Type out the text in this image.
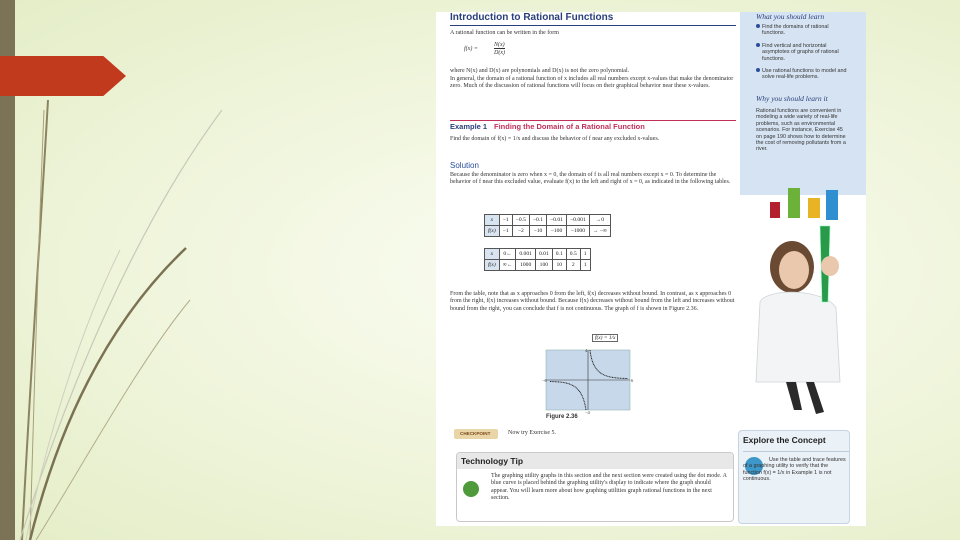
Introduction to Rational Functions
A rational function can be written in the form
f(x) =
N(x)
D(x)
where N(x) and D(x) are polynomials and D(x) is not the zero polynomial.
In general, the domain of a rational function of x includes all real numbers except x-values that make the denominator zero. Much of the discussion of rational functions will focus on their graphical behavior near these x-values.
Example 1 Finding the Domain of a Rational Function
Find the domain of f(x) = 1/x and discuss the behavior of f near any excluded x-values.
Solution
Because the denominator is zero when x = 0, the domain of f is all real numbers except x = 0. To determine the behavior of f near this excluded value, evaluate f(x) to the left and right of x = 0, as indicated in the following tables.
x	−1	−0.5	−0.1	−0.01	−0.001	→0
f(x)	−1	−2	−10	−100	−1000	→ −∞
x	0←	0.001	0.01	0.1	0.5	1
f(x)	∞←	1000	100	10	2	1
From the table, note that as x approaches 0 from the left, f(x) decreases without bound. In contrast, as x approaches 0 from the right, f(x) increases without bound. Because f(x) decreases without bound from the left and increases without bound from the right, you can conclude that f is not continuous. The graph of f is shown in Figure 2.36.
−6	6
4
−4
f(x) = 1/x
Figure 2.36
CHECKPOINT	Now try Exercise 5.
Technology Tip
The graphing utility graphs in this section and the next section were created using the dot mode. A blue curve is placed behind the graphing utility's display to indicate where the graph should appear. You will learn more about how graphing utilities graph rational functions in the next section.
What you should learn
Find the domains of rational functions.
Find vertical and horizontal asymptotes of graphs of rational functions.
Use rational functions to model and solve real-life problems.
Why you should learn it
Rational functions are convenient in modeling a wide variety of real-life problems, such as environmental scenarios. For instance, Exercise 45 on page 190 shows how to determine the cost of removing pollutants from a river.
Explore the Concept
Use the table and trace features of a graphing utility to verify that the function f(x) = 1/x in Example 1 is not continuous.
